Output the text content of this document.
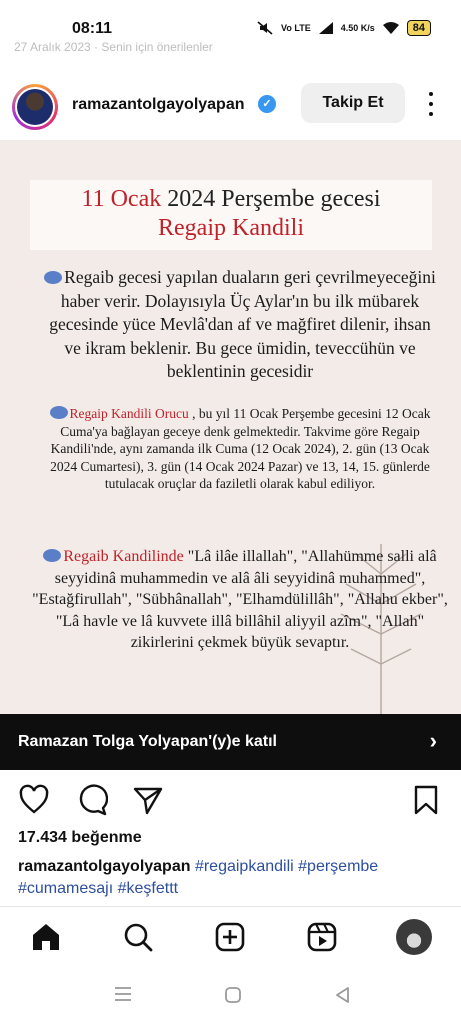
08:11	Vo LTE	4.50 K/s	84
27 Aralık 2023 · Senin için önerilenler
ramazantolgayolyapan	✓	Takip Et
11 Ocak 2024 Perşembe gecesi
Regaip Kandili
Regaib gecesi yapılan duaların geri çevrilmeyeceğini haber verir. Dolayısıyla Üç Aylar'ın bu ilk mübarek gecesinde yüce Mevlâ'dan af ve mağfiret dilenir, ihsan ve ikram beklenir. Bu gece ümidin, teveccühün ve beklentinin gecesidir
Regaip Kandili Orucu , bu yıl 11 Ocak Perşembe gecesini 12 Ocak Cuma'ya bağlayan geceye denk gelmektedir. Takvime göre Regaip Kandili'nde, aynı zamanda ilk Cuma (12 Ocak 2024), 2. gün (13 Ocak 2024 Cumartesi), 3. gün (14 Ocak 2024 Pazar) ve 13, 14, 15. günlerde tutulacak oruçlar da faziletli olarak kabul ediliyor.
Regaib Kandilinde "Lâ ilâe illallah", "Allahümme salli alâ seyyidinâ muhammedin ve alâ âli seyyidinâ muhammed", "Estağfirullah", "Sübhânallah", "Elhamdülillâh", "Allahu ekber", "Lâ havle ve lâ kuvvete illâ billâhil aliyyil azîm", "Allah" zikirlerini çekmek büyük sevaptır.
Ramazan Tolga Yolyapan'(y)e katıl	›
17.434 beğenme
ramazantolgayolyapan #regaipkandili #perşembe
#cumamesajı #keşfettt
